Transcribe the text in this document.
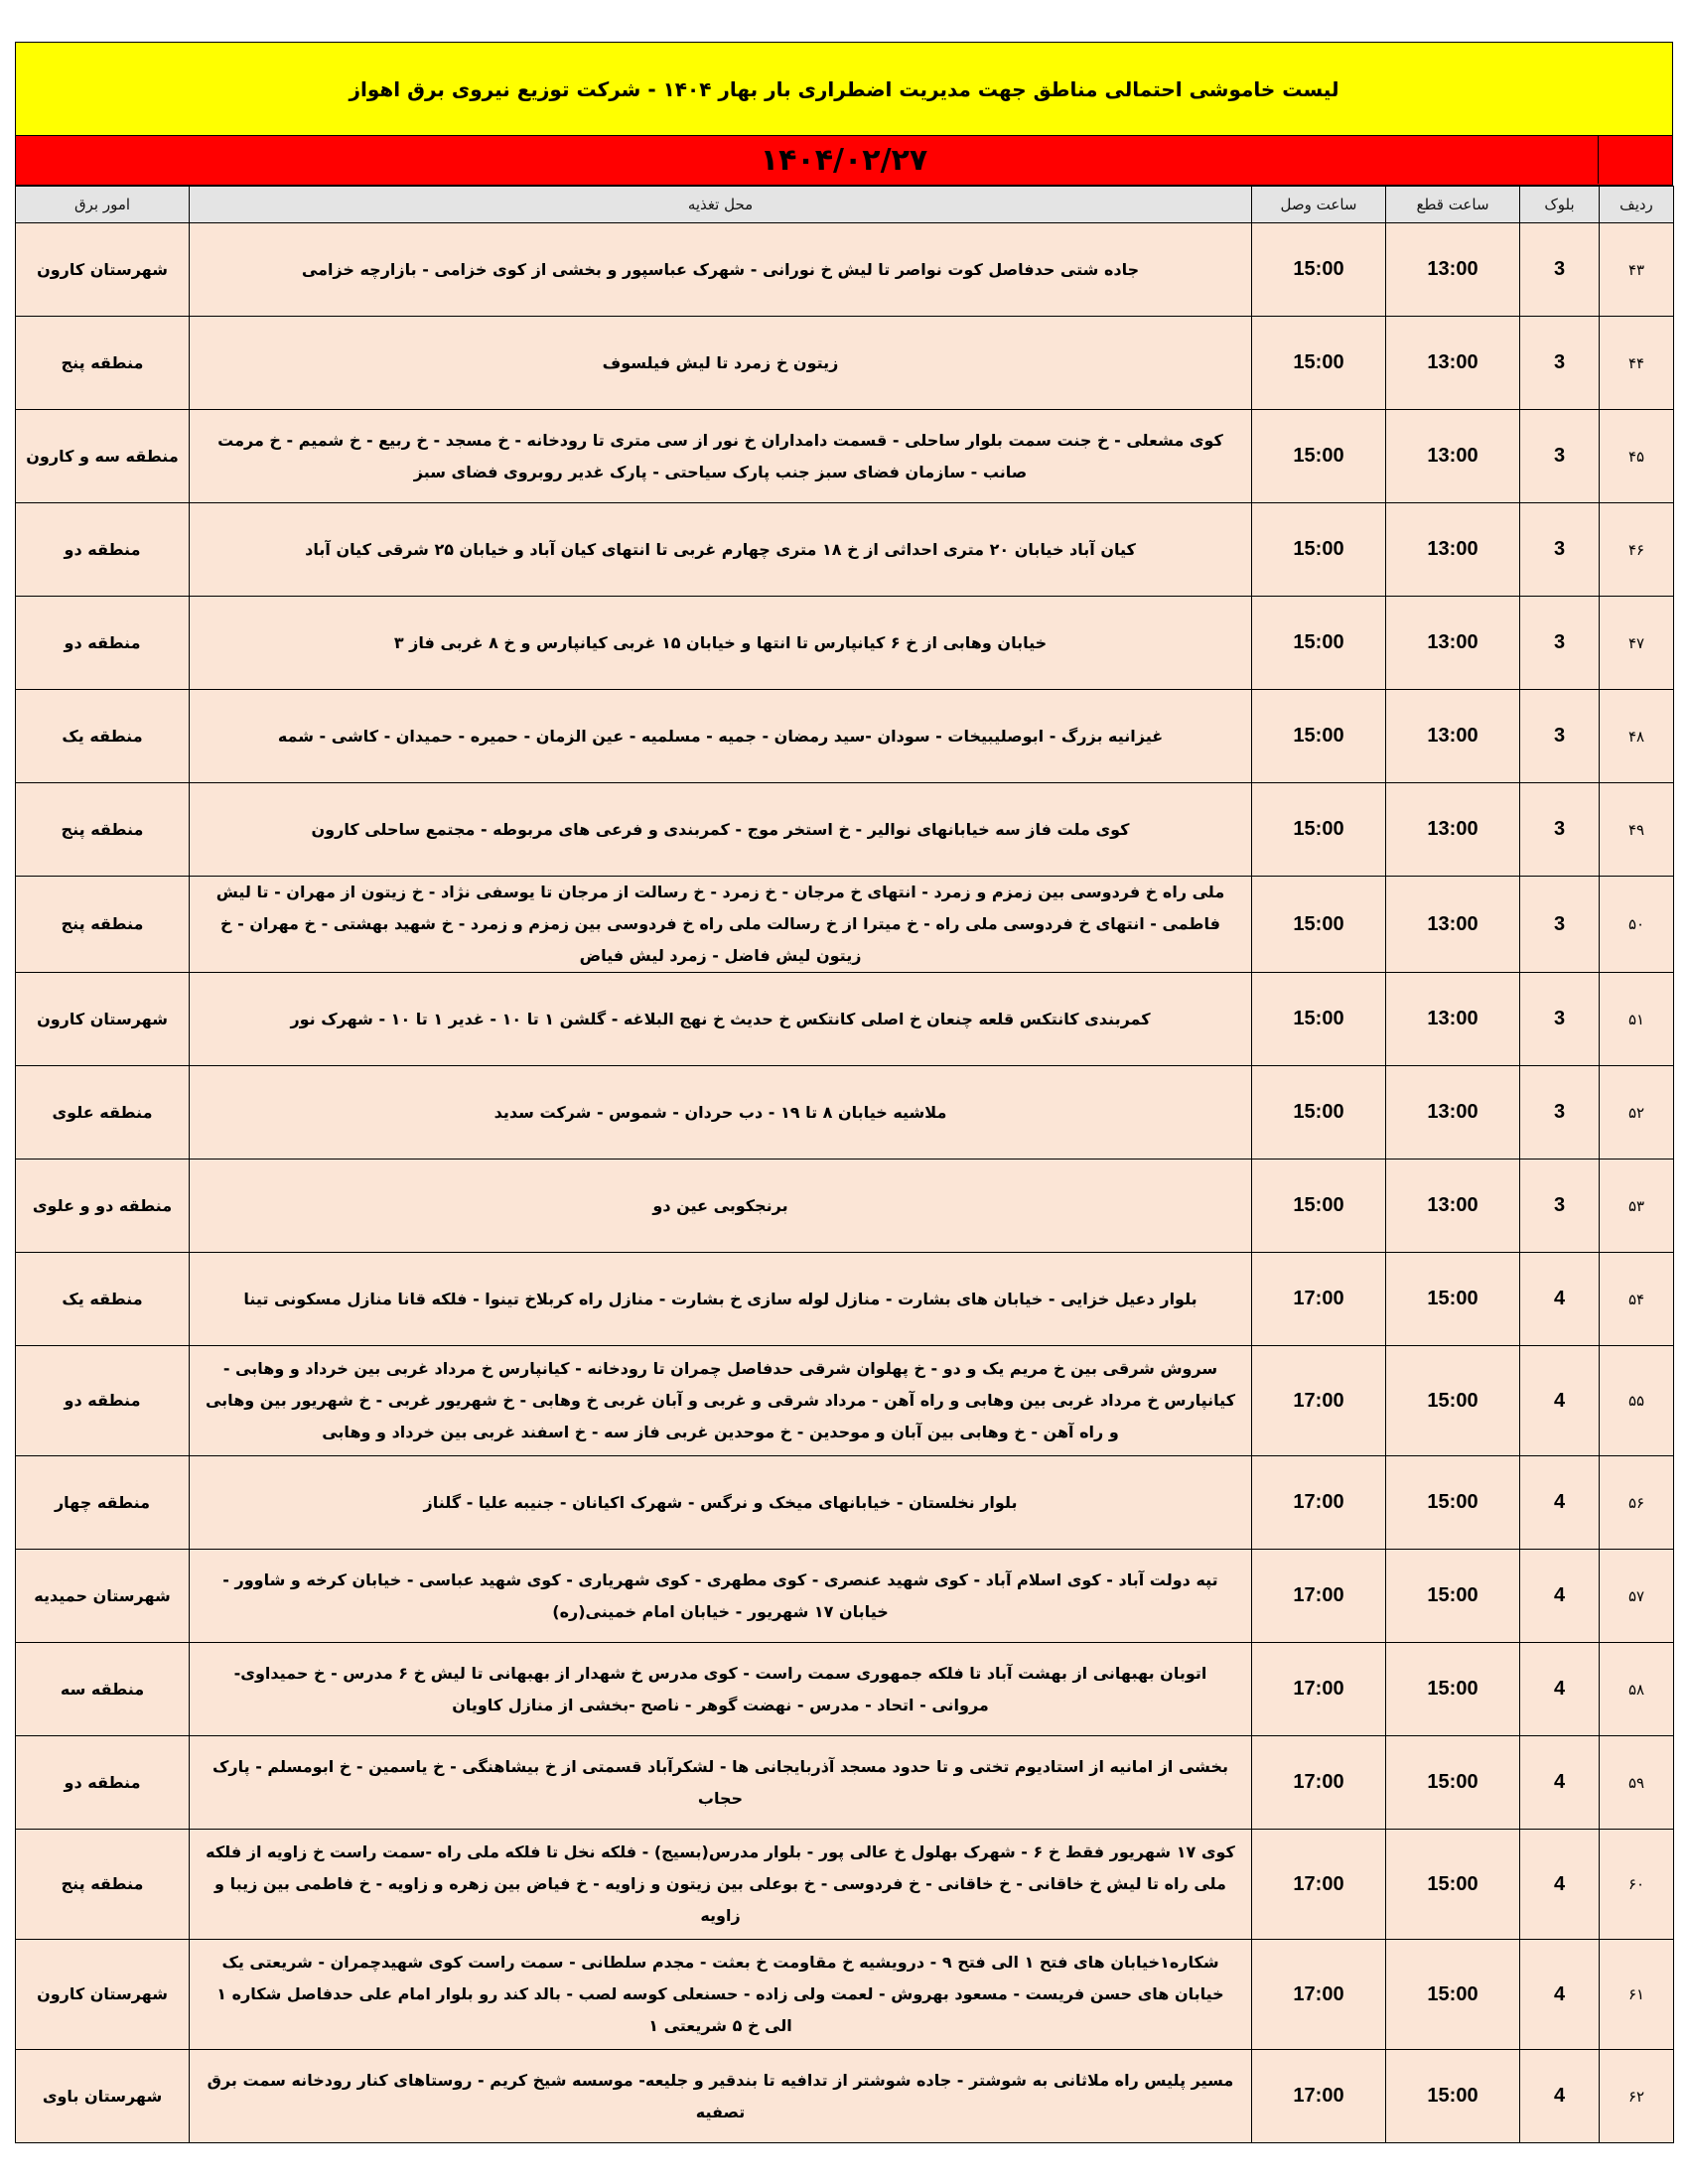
لیست خاموشی احتمالی مناطق جهت مدیریت اضطراری بار بهار ۱۴۰۴ - شرکت توزیع نیروی برق اهواز
۱۴۰۴/۰۲/۲۷
ردیف	بلوک	ساعت قطع	ساعت وصل	محل تغذیه	امور برق
۴۳	3	13:00	15:00	جاده شتی حدفاصل کوت نواصر تا لیش خ نورانی - شهرک عباسپور و بخشی از کوی خزامی - بازارچه خزامی	شهرستان کارون

۴۴	3	13:00	15:00	زیتون خ زمرد تا لیش فیلسوف	منطقه پنج

۴۵	3	13:00	15:00	کوی مشعلی - خ جنت سمت بلوار ساحلی - قسمت دامداران خ نور از سی متری تا رودخانه - خ مسجد - خ ربیع - خ شمیم - خ مرمت صانب - سازمان فضای سبز جنب پارک سیاحتی - پارک غدیر روبروی فضای سبز	منطقه سه و کارون

۴۶	3	13:00	15:00	کیان آباد خیابان ۲۰ متری احداثی از خ ۱۸ متری چهارم غربی تا انتهای کیان آباد و خیابان ۲۵ شرقی کیان آباد	منطقه دو

۴۷	3	13:00	15:00	خیابان وهابی از خ ۶ کیانپارس تا انتها و خیابان ۱۵ غربی کیانپارس و خ ۸ غربی فاز ۳	منطقه دو

۴۸	3	13:00	15:00	غیزانیه بزرگ - ابوصلیبیخات - سودان -سید رمضان - جمیه - مسلمیه - عین الزمان - حمیره - حمیدان - کاشی - شمه	منطقه یک

۴۹	3	13:00	15:00	کوی ملت فاز سه خیابانهای نوالیر - خ استخر موج - کمربندی و فرعی های مربوطه - مجتمع ساحلی کارون	منطقه پنج

۵۰	3	13:00	15:00	ملی راه خ فردوسی بین زمزم و زمرد - انتهای خ مرجان - خ زمرد - خ رسالت از مرجان تا یوسفی نژاد - خ زیتون از مهران - تا لیش فاطمی - انتهای خ فردوسی ملی راه - خ میترا از خ رسالت ملی راه خ فردوسی بین زمزم و زمرد - خ شهید بهشتی - خ مهران - خ زیتون لیش فاضل - زمرد لیش فیاض	منطقه پنج

۵۱	3	13:00	15:00	کمربندی کانتکس قلعه چنعان خ اصلی کانتکس خ حدیث خ نهج البلاغه - گلشن ۱ تا ۱۰ - غدیر ۱ تا ۱۰ - شهرک نور	شهرستان کارون

۵۲	3	13:00	15:00	ملاشیه خیابان ۸ تا ۱۹ - دب حردان - شموس - شرکت سدید	منطقه علوی

۵۳	3	13:00	15:00	برنجکوبی عین دو	منطقه دو و علوی

۵۴	4	15:00	17:00	بلوار دعیل خزایی - خیابان های بشارت - منازل لوله سازی خ بشارت - منازل راه کربلاخ تینوا - فلکه قانا منازل مسکونی تینا	منطقه یک

۵۵	4	15:00	17:00	سروش شرقی بین خ مریم یک و دو - خ پهلوان شرقی حدفاصل چمران تا رودخانه - کیانپارس خ مرداد غربی بین خرداد و وهابی - کیانپارس خ مرداد غربی بین وهابی و راه آهن - مرداد شرقی و غربی و آبان غربی خ وهابی - خ شهریور غربی - خ شهریور بین وهابی و راه آهن - خ وهابی بین آبان و موحدین - خ موحدین غربی فاز سه - خ اسفند غربی بین خرداد و وهابی	منطقه دو

۵۶	4	15:00	17:00	بلوار نخلستان - خیابانهای میخک و نرگس - شهرک اکیانان - جنیبه علیا - گلناز	منطقه چهار

۵۷	4	15:00	17:00	تپه دولت آباد - کوی اسلام آباد - کوی شهید عنصری - کوی مطهری - کوی شهریاری - کوی شهید عباسی - خیابان کرخه و شاوور - خیابان ۱۷ شهریور - خیابان امام خمینی(ره)	شهرستان حمیدیه

۵۸	4	15:00	17:00	اتوبان بهبهانی از بهشت آباد تا فلکه جمهوری سمت راست - کوی مدرس خ شهدار از بهبهانی تا لیش خ ۶ مدرس - خ حمیداوی- مروانی - اتحاد - مدرس - نهضت گوهر - ناصح -بخشی از منازل کاویان	منطقه سه

۵۹	4	15:00	17:00	بخشی از امانیه از استادیوم تختی و تا حدود مسجد آذربایجانی ها - لشکرآباد قسمتی از خ بیشاهنگی - خ یاسمین - خ ابومسلم - پارک حجاب	منطقه دو

۶۰	4	15:00	17:00	کوی ۱۷ شهریور فقط خ ۶ - شهرک بهلول خ عالی پور - بلوار مدرس(بسیج) - فلکه نخل تا فلکه ملی راه -سمت راست خ زاویه از فلکه ملی راه تا لیش خ خاقانی - خ خاقانی - خ فردوسی - خ بوعلی بین زیتون و زاویه - خ فیاض بین زهره و زاویه - خ فاطمی بین زیبا و زاویه	منطقه پنج

۶۱	4	15:00	17:00	شکاره۱خیابان های فتح ۱ الی فتح ۹ - درویشیه خ مقاومت خ بعثت - مجدم سلطانی - سمت راست کوی شهیدچمران - شریعتی یک خیابان های حسن فریست - مسعود بهروش - لعمت ولی زاده - حسنعلی کوسه لصب - بالد کند رو بلوار امام علی حدفاصل شکاره ۱ الی خ ۵ شریعتی ۱	شهرستان کارون

۶۲	4	15:00	17:00	مسیر پلیس راه ملاثانی به شوشتر - جاده شوشتر از تدافیه تا بندقیر و جلیعه- موسسه شیخ کریم - روستاهای کنار رودخانه سمت برق تصفیه	شهرستان باوی
